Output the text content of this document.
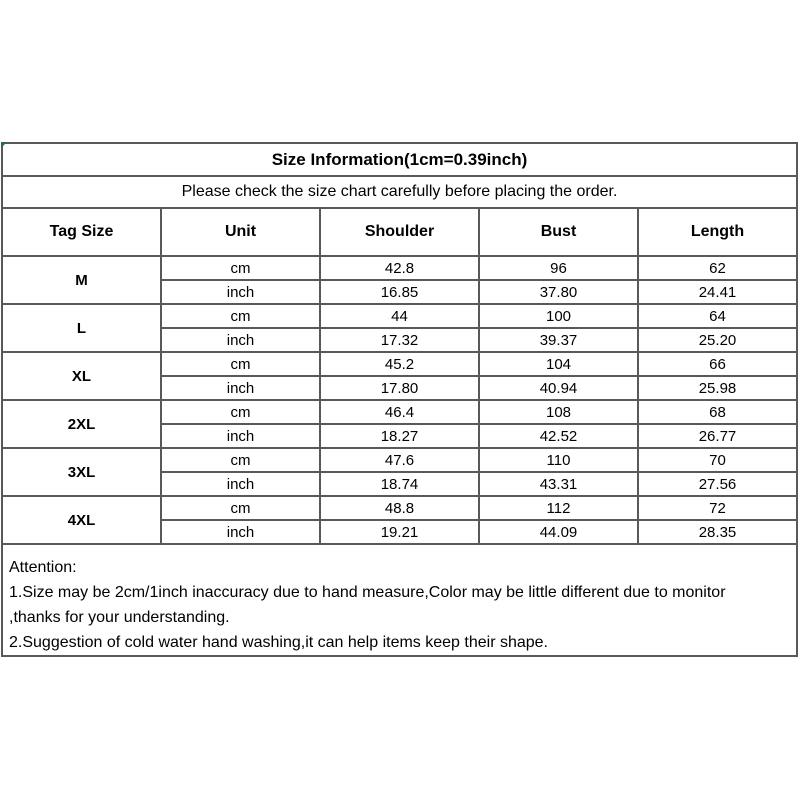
Size Information(1cm=0.39inch)				
Please check the size chart carefully before placing the order.				
Tag Size	Unit	Shoulder	Bust	Length
M	cm	42.8	96	62
	inch	16.85	37.80	24.41
L	cm	44	100	64
	inch	17.32	39.37	25.20
XL	cm	45.2	104	66
	inch	17.80	40.94	25.98
2XL	cm	46.4	108	68
	inch	18.27	42.52	26.77
3XL	cm	47.6	110	70
	inch	18.74	43.31	27.56
4XL	cm	48.8	112	72
	inch	19.21	44.09	28.35

Attention:
1.Size may be 2cm/1inch inaccuracy due to hand measure,Color may be little different due to monitor
,thanks for your understanding.
2.Suggestion of cold water hand washing,it can help items keep their shape.				
